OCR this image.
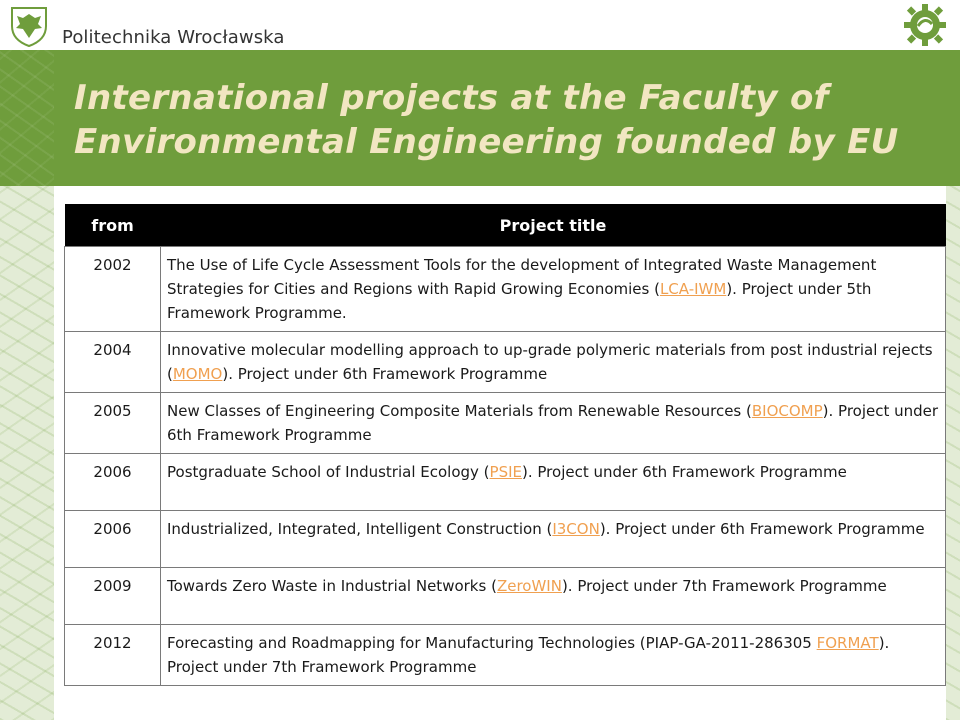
Politechnika Wrocławska
International projects at the Faculty of
Environmental Engineering founded by EU
from	Project title
2002	The Use of Life Cycle Assessment Tools for the development of Integrated Waste Management Strategies for Cities and Regions with Rapid Growing Economies (LCA-IWM). Project under 5th Framework Programme.
2004	Innovative molecular modelling approach to up-grade polymeric materials from post industrial rejects (MOMO). Project under 6th Framework Programme
2005	New Classes of Engineering Composite Materials from Renewable Resources (BIOCOMP). Project under 6th Framework Programme
2006	Postgraduate School of Industrial Ecology (PSIE). Project under 6th Framework Programme
2006	Industrialized, Integrated, Intelligent Construction (I3CON). Project under 6th Framework Programme
2009	Towards Zero Waste in Industrial Networks (ZeroWIN). Project under 7th Framework Programme
2012	Forecasting and Roadmapping for Manufacturing Technologies (PIAP-GA-2011-286305 FORMAT). Project under 7th Framework Programme
